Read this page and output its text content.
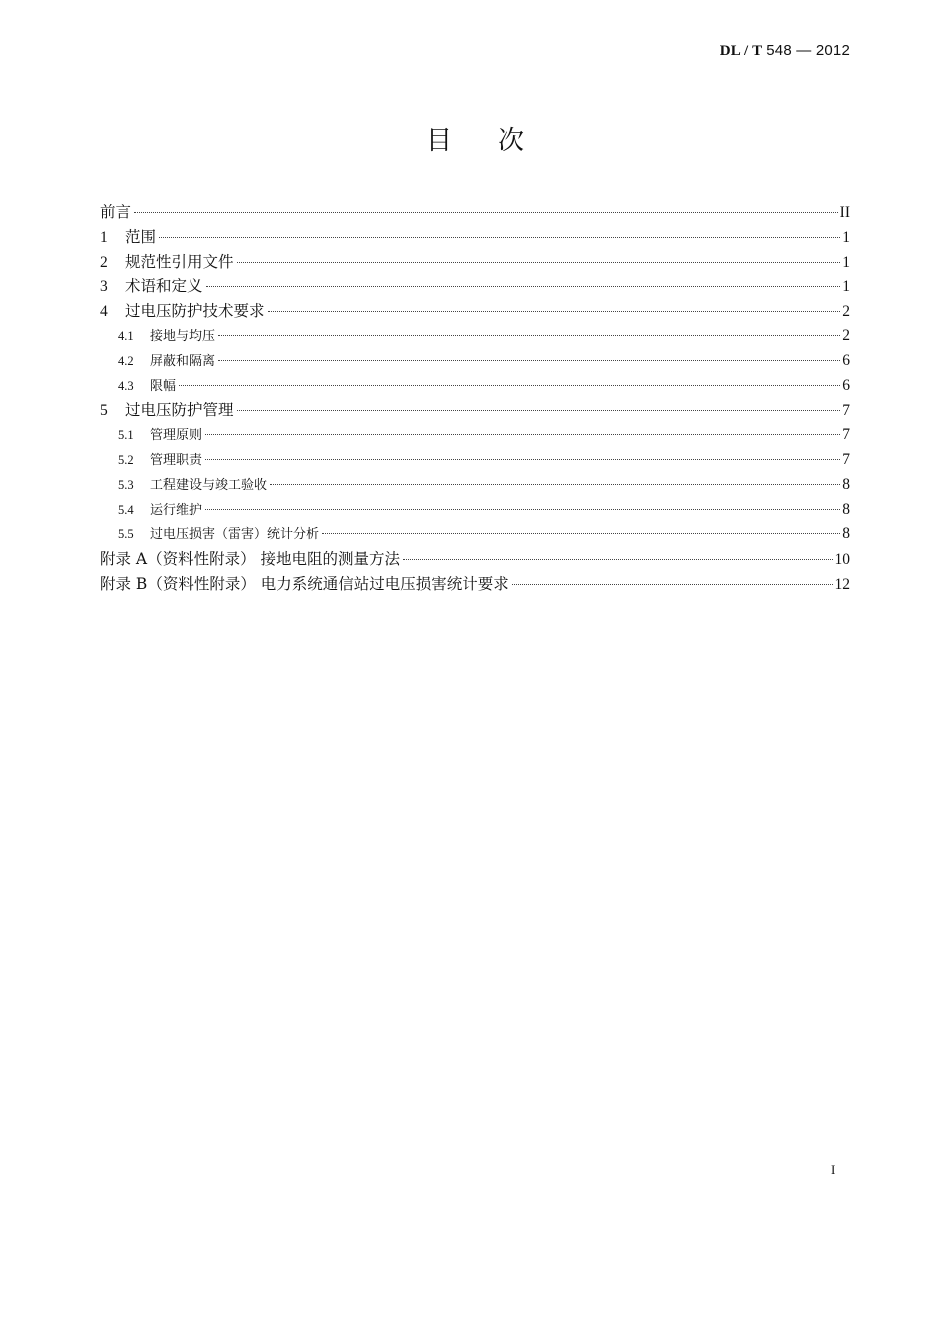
DL / T 548 — 2012
目次
前言	II
1	范围	1
2	规范性引用文件	1
3	术语和定义	1
4	过电压防护技术要求	2
4.1	接地与均压	2
4.2	屏蔽和隔离	6
4.3	限幅	6
5	过电压防护管理	7
5.1	管理原则	7
5.2	管理职责	7
5.3	工程建设与竣工验收	8
5.4	运行维护	8
5.5	过电压损害（雷害）统计分析	8
附录 A（资料性附录） 接地电阻的测量方法	10
附录 B（资料性附录） 电力系统通信站过电压损害统计要求	12
I
